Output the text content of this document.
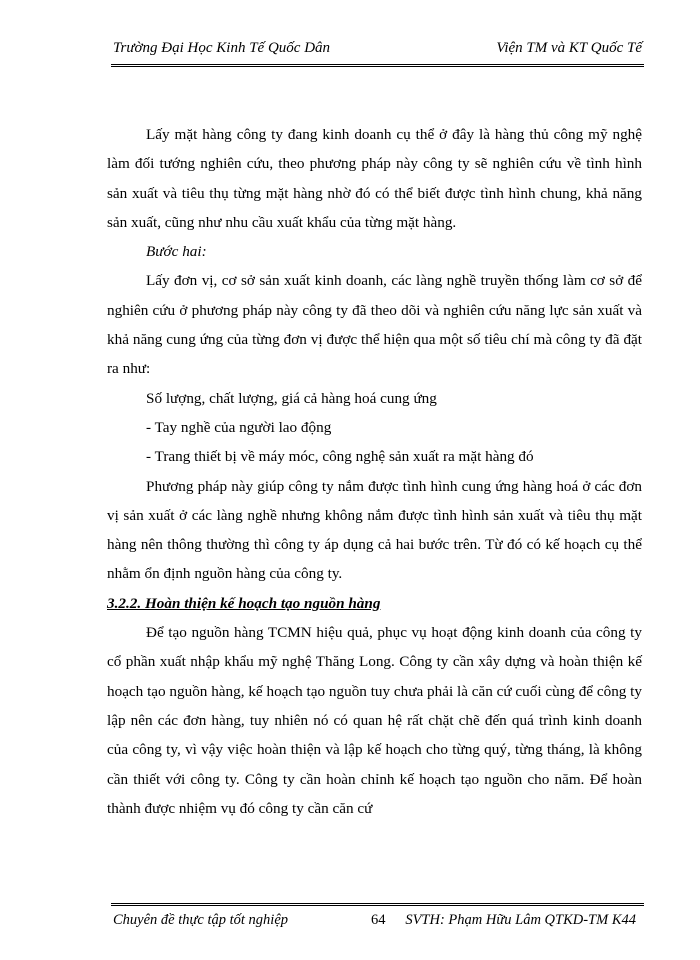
Trường Đại Học Kinh Tế Quốc Dân	Viện TM và KT Quốc Tế

Lấy mặt hàng công ty đang kinh doanh cụ thể ở đây là hàng thủ công mỹ nghệ làm đối tướng nghiên cứu, theo phương pháp này công ty sẽ nghiên cứu về tình hình sản xuất và tiêu thụ từng mặt hàng nhờ đó có thể biết được tình hình chung, khả năng sản xuất, cũng như nhu cầu xuất khẩu của từng mặt hàng.

Bước hai:

Lấy đơn vị, cơ sở sản xuất kinh doanh, các làng nghề truyền thống làm cơ sở để nghiên cứu ở phương pháp này công ty đã theo dõi và nghiên cứu năng lực sản xuất và khả năng cung ứng của từng đơn vị được thể hiện qua một số tiêu chí mà công ty đã đặt ra như:

Số lượng, chất lượng, giá cả hàng hoá cung ứng

- Tay nghề của người lao động

- Trang thiết bị về máy móc, công nghệ sản xuất ra mặt hàng đó

Phương pháp này giúp công ty nắm được tình hình cung ứng hàng hoá ở các đơn vị sản xuất ở các làng nghề nhưng không nắm được tình hình sản xuất và tiêu thụ mặt hàng nên thông thường thì công ty áp dụng cả hai bước trên. Từ đó có kế hoạch cụ thể nhằm ổn định nguồn hàng của công ty.

3.2.2. Hoàn thiện kế hoạch tạo nguồn hàng

Để tạo nguồn hàng TCMN hiệu quả, phục vụ hoạt động kinh doanh của công ty cổ phần xuất nhập khẩu mỹ nghệ Thăng Long. Công ty cần xây dựng và hoàn thiện kế hoạch tạo nguồn hàng, kế hoạch tạo nguồn tuy chưa phải là căn cứ cuối cùng để công ty lập nên các đơn hàng, tuy nhiên nó có quan hệ rất chặt chẽ đến quá trình kinh doanh của công ty, vì vậy việc hoàn thiện và lập kế hoạch cho từng quý, từng tháng, là không cần thiết với công ty. Công ty cần hoàn chỉnh kế hoạch tạo nguồn cho năm. Để hoàn thành được nhiệm vụ đó công ty cần căn cứ

Chuyên đề thực tập tốt nghiệp	64 SVTH: Phạm Hữu Lâm QTKD-TM K44
